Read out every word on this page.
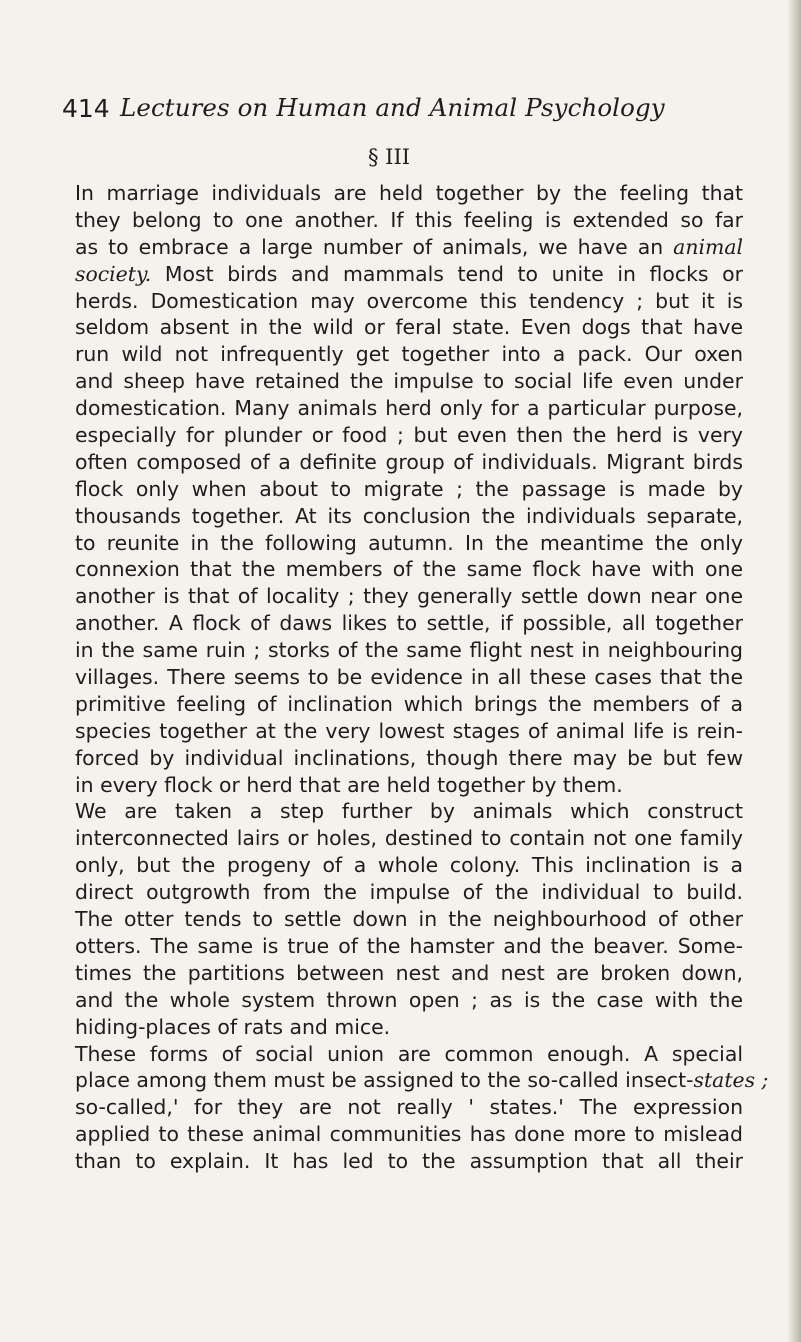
414 Lectures on Human and Animal Psychology
§ III
In marriage individuals are held together by the feeling that
they belong to one another. If this feeling is extended so far
as to embrace a large number of animals, we have an animal
society. Most birds and mammals tend to unite in flocks or
herds. Domestication may overcome this tendency ; but it is
seldom absent in the wild or feral state. Even dogs that have
run wild not infrequently get together into a pack. Our oxen
and sheep have retained the impulse to social life even under
domestication. Many animals herd only for a particular purpose,
especially for plunder or food ; but even then the herd is very
often composed of a definite group of individuals. Migrant birds
flock only when about to migrate ; the passage is made by
thousands together. At its conclusion the individuals separate,
to reunite in the following autumn. In the meantime the only
connexion that the members of the same flock have with one
another is that of locality ; they generally settle down near one
another. A flock of daws likes to settle, if possible, all together
in the same ruin ; storks of the same flight nest in neighbouring
villages. There seems to be evidence in all these cases that the
primitive feeling of inclination which brings the members of a
species together at the very lowest stages of animal life is rein-
forced by individual inclinations, though there may be but few
in every flock or herd that are held together by them.
We are taken a step further by animals which construct
interconnected lairs or holes, destined to contain not one family
only, but the progeny of a whole colony. This inclination is a
direct outgrowth from the impulse of the individual to build.
The otter tends to settle down in the neighbourhood of other
otters. The same is true of the hamster and the beaver. Some-
times the partitions between nest and nest are broken down,
and the whole system thrown open ; as is the case with the
hiding-places of rats and mice.
These forms of social union are common enough. A special
place among them must be assigned to the so-called insect-states ;
so-called,' for they are not really ' states.' The expression
applied to these animal communities has done more to mislead
than to explain. It has led to the assumption that all their
